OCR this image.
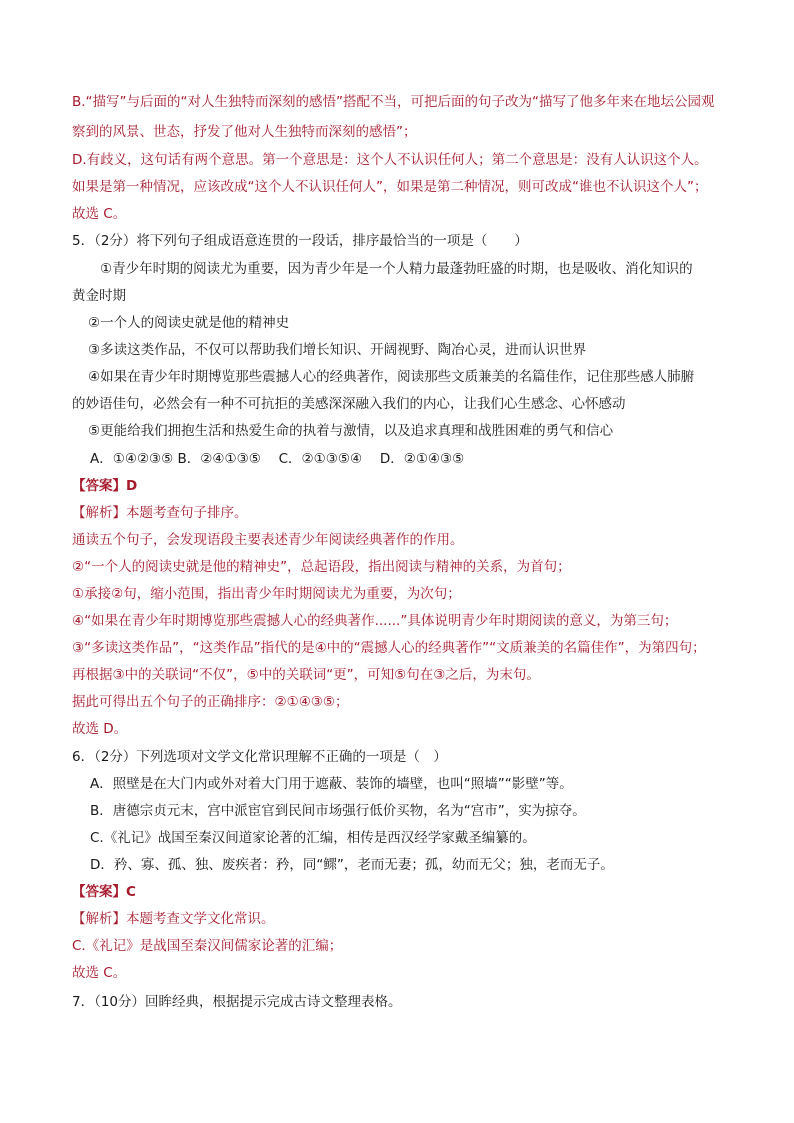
B.“描写”与后面的“对人生独特而深刻的感悟”搭配不当，可把后面的句子改为“描写了他多年来在地坛公园观
察到的风景、世态，抒发了他对人生独特而深刻的感悟”；
D.有歧义，这句话有两个意思。第一个意思是：这个人不认识任何人；第二个意思是：没有人认识这个人。
如果是第一种情况，应该改成“这个人不认识任何人”，如果是第二种情况，则可改成“谁也不认识这个人”；
故选 C。
5．（2分）将下列句子组成语意连贯的一段话，排序最恰当的一项是（　　）
①青少年时期的阅读尤为重要，因为青少年是一个人精力最蓬勃旺盛的时期，也是吸收、消化知识的
黄金时期
②一个人的阅读史就是他的精神史
③多读这类作品，不仅可以帮助我们增长知识、开阔视野、陶冶心灵，进而认识世界
④如果在青少年时期博览那些震撼人心的经典著作，阅读那些文质兼美的名篇佳作，记住那些感人肺腑
的妙语佳句，必然会有一种不可抗拒的美感深深融入我们的内心，让我们心生感念、心怀感动
⑤更能给我们拥抱生活和热爱生命的执着与激情，以及追求真理和战胜困难的勇气和信心
A．①④②③⑤ B．②④①③⑤　 C．②①③⑤④　 D．②①④③⑤
【答案】D
【解析】本题考查句子排序。
通读五个句子，会发现语段主要表述青少年阅读经典著作的作用。
②“一个人的阅读史就是他的精神史”，总起语段，指出阅读与精神的关系，为首句；
①承接②句，缩小范围，指出青少年时期阅读尤为重要，为次句；
④“如果在青少年时期博览那些震撼人心的经典著作......”具体说明青少年时期阅读的意义，为第三句；
③“多读这类作品”，“这类作品”指代的是④中的“震撼人心的经典著作”“文质兼美的名篇佳作”，为第四句；
再根据③中的关联词“不仅”，⑤中的关联词“更”，可知⑤句在③之后，为末句。
据此可得出五个句子的正确排序：②①④③⑤；
故选 D。
6．（2分）下列选项对文学文化常识理解不正确的一项是（　）
A．照壁是在大门内或外对着大门用于遮蔽、装饰的墙壁，也叫“照墙”“影壁”等。
B．唐德宗贞元末，宫中派宦官到民间市场强行低价买物，名为“宫市”，实为掠夺。
C.《礼记》战国至秦汉间道家论著的汇编，相传是西汉经学家戴圣编纂的。
D．矜、寡、孤、独、废疾者：矜，同“鳏”，老而无妻；孤，幼而无父；独，老而无子。
【答案】C
【解析】本题考查文学文化常识。
C.《礼记》是战国至秦汉间儒家论著的汇编；
故选 C。
7．（10分）回眸经典，根据提示完成古诗文整理表格。
